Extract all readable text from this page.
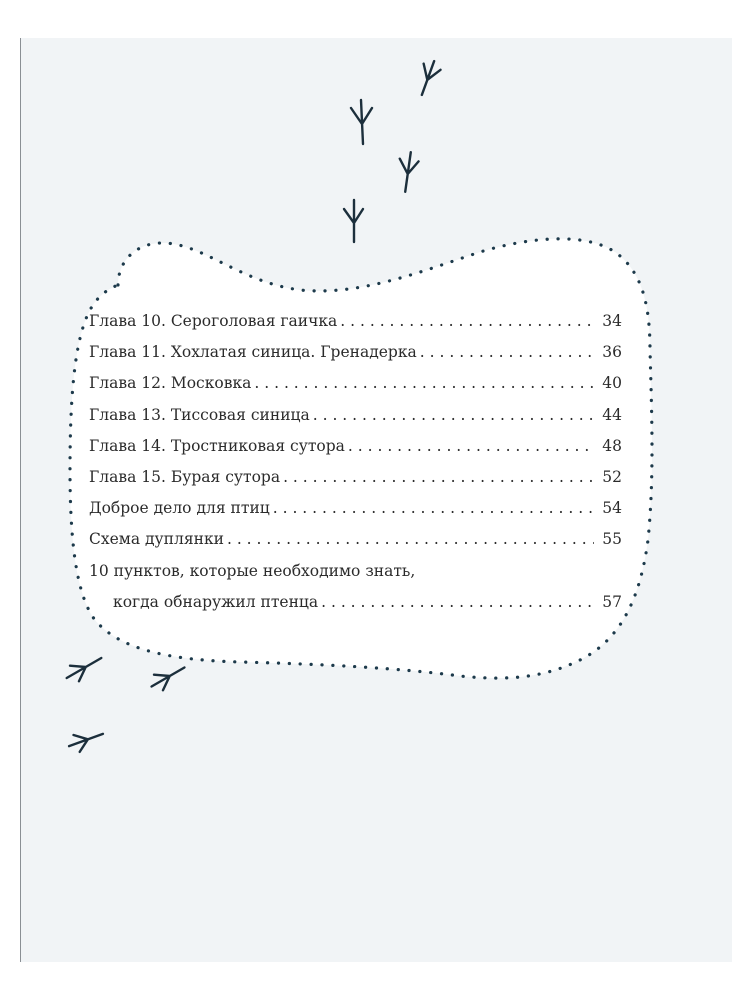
Глава 10. Сероголовая гаичка . . .	34
Глава 11. Хохлатая синица. Гренадерка . . .	36
Глава 12. Московка . . .	40
Глава 13. Тиссовая синица . . .	44
Глава 14. Тростниковая сутора . . .	48
Глава 15. Бурая сутора . . .	52
Доброе дело для птиц . . .	54
Схема дуплянки . . .	55
10 пунктов, которые необходимо знать,
когда обнаружил птенца . . .	57
